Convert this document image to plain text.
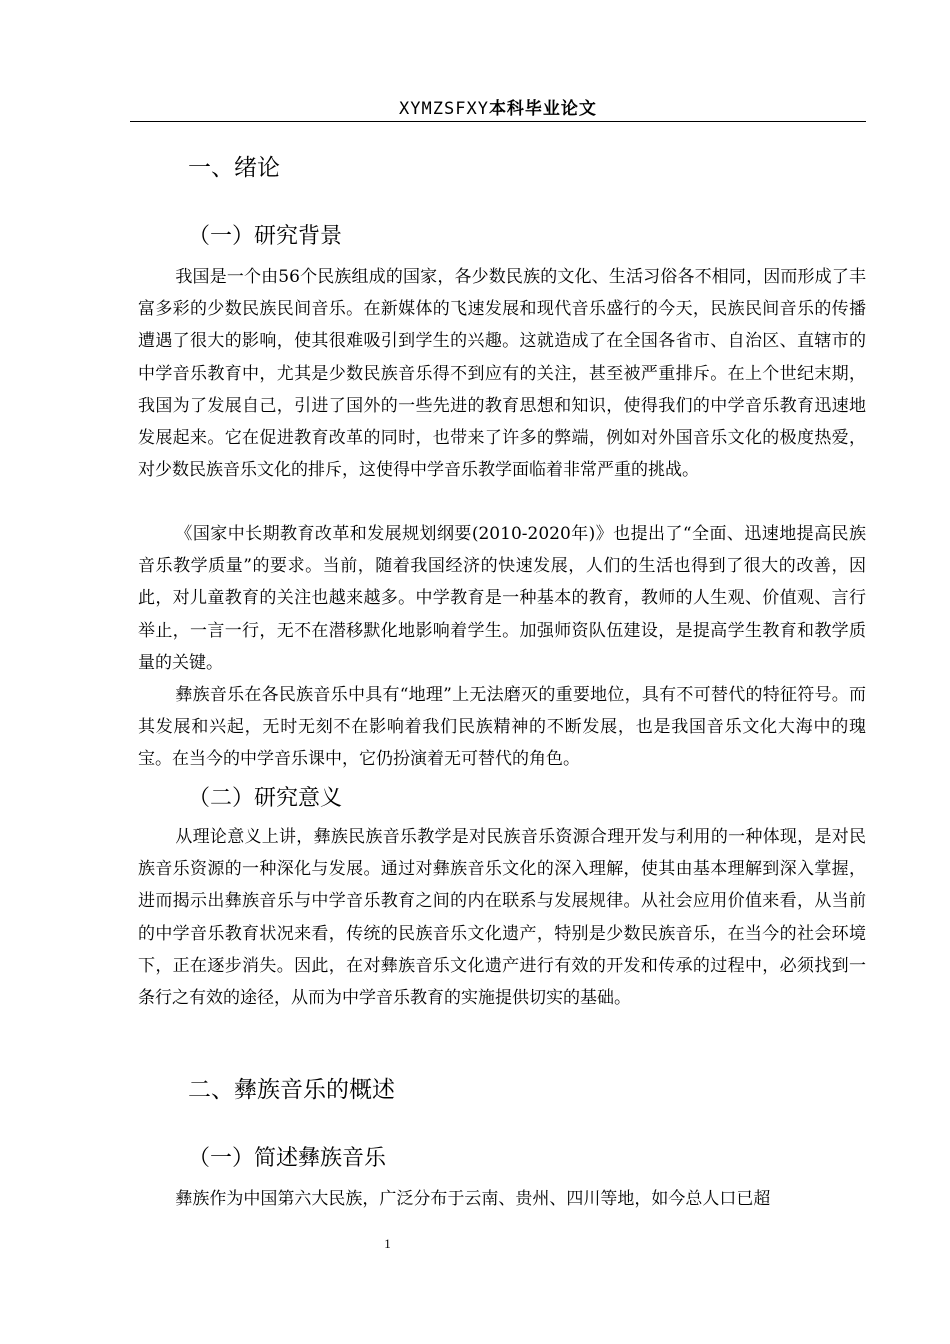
XYMZSFXY本科毕业论文
一、绪论
（一）研究背景

我国是一个由56个民族组成的国家，各少数民族的文化、生活习俗各不相同，因而形成了丰富多彩的少数民族民间音乐。在新媒体的飞速发展和现代音乐盛行的今天，民族民间音乐的传播遭遇了很大的影响，使其很难吸引到学生的兴趣。这就造成了在全国各省市、自治区、直辖市的中学音乐教育中，尤其是少数民族音乐得不到应有的关注，甚至被严重排斥。在上个世纪末期，我国为了发展自己，引进了国外的一些先进的教育思想和知识，使得我们的中学音乐教育迅速地发展起来。它在促进教育改革的同时，也带来了许多的弊端，例如对外国音乐文化的极度热爱，对少数民族音乐文化的排斥，这使得中学音乐教学面临着非常严重的挑战。

《国家中长期教育改革和发展规划纲要(2010-2020年)》也提出了“全面、迅速地提高民族音乐教学质量”的要求。当前，随着我国经济的快速发展，人们的生活也得到了很大的改善，因此，对儿童教育的关注也越来越多。中学教育是一种基本的教育，教师的人生观、价值观、言行举止，一言一行，无不在潜移默化地影响着学生。加强师资队伍建设，是提高学生教育和教学质量的关键。

彝族音乐在各民族音乐中具有“地理”上无法磨灭的重要地位，具有不可替代的特征符号。而其发展和兴起，无时无刻不在影响着我们民族精神的不断发展，也是我国音乐文化大海中的瑰宝。在当今的中学音乐课中，它仍扮演着无可替代的角色。

（二）研究意义

从理论意义上讲，彝族民族音乐教学是对民族音乐资源合理开发与利用的一种体现，是对民族音乐资源的一种深化与发展。通过对彝族音乐文化的深入理解，使其由基本理解到深入掌握，进而揭示出彝族音乐与中学音乐教育之间的内在联系与发展规律。从社会应用价值来看，从当前的中学音乐教育状况来看，传统的民族音乐文化遗产，特别是少数民族音乐，在当今的社会环境下，正在逐步消失。因此，在对彝族音乐文化遗产进行有效的开发和传承的过程中，必须找到一条行之有效的途径，从而为中学音乐教育的实施提供切实的基础。

二、彝族音乐的概述
（一）简述彝族音乐

彝族作为中国第六大民族，广泛分布于云南、贵州、四川等地，如今总人口已超

1
